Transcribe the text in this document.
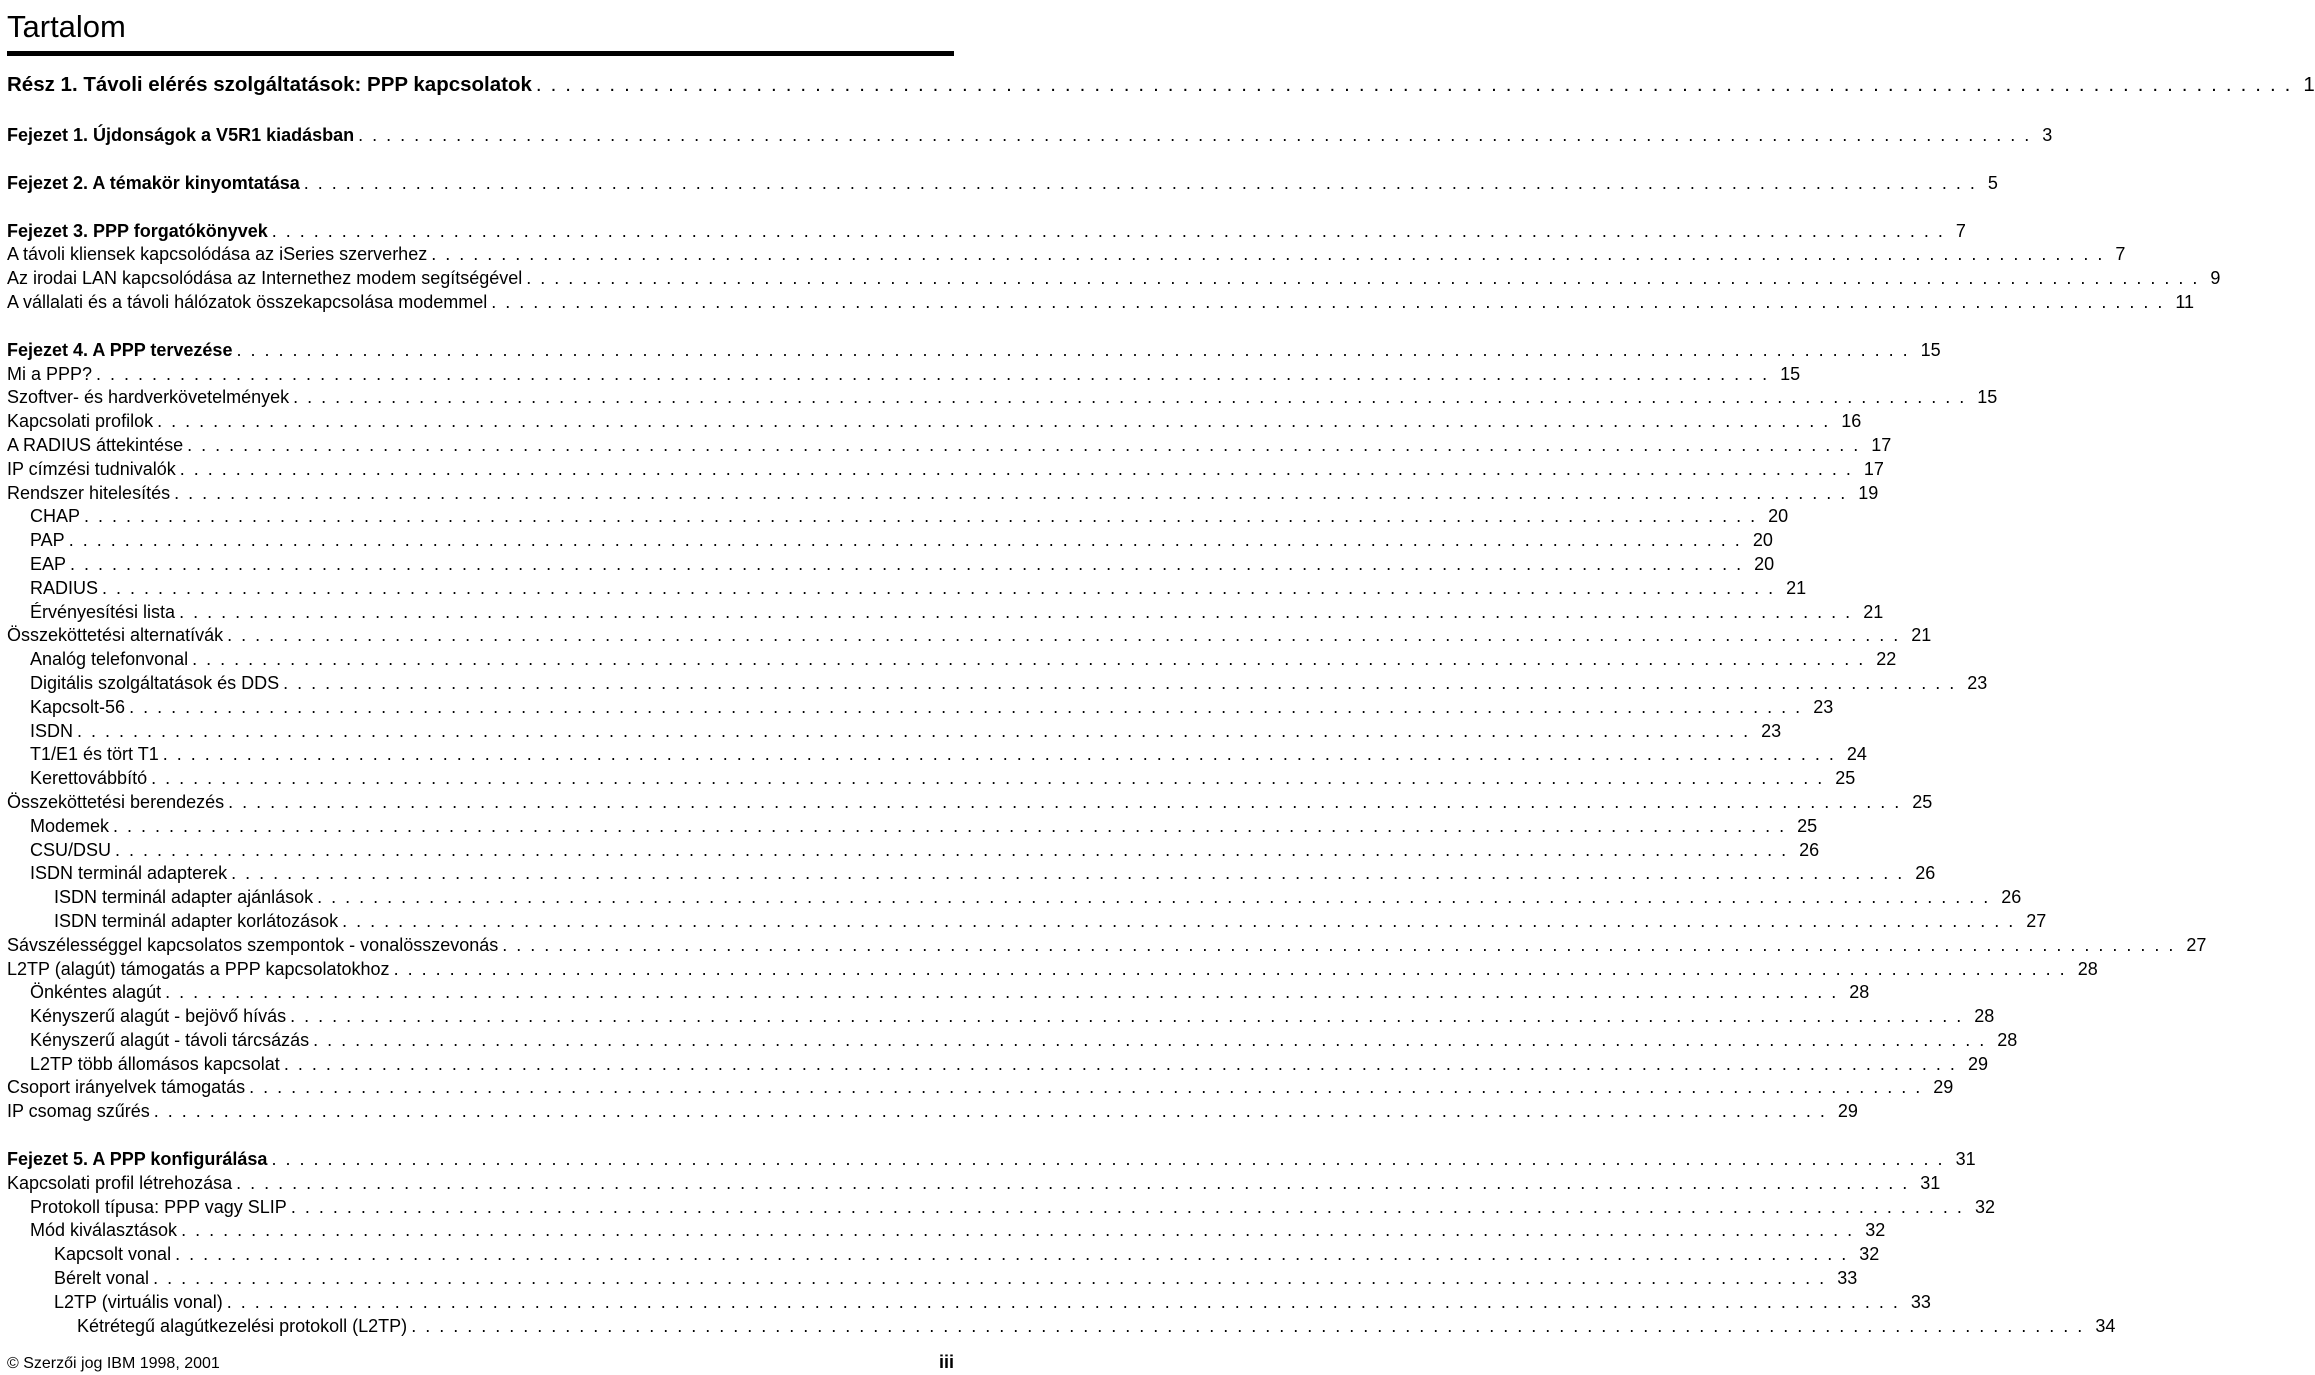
Tartalom
Rész 1. Távoli elérés szolgáltatások: PPP kapcsolatok ........................................................................................................................ 1
Fejezet 1. Újdonságok a V5R1 kiadásban ........................................................................................................................ 3
Fejezet 2. A témakör kinyomtatása ........................................................................................................................ 5
Fejezet 3. PPP forgatókönyvek ........................................................................................................................ 7
A távoli kliensek kapcsolódása az iSeries szerverhez ........................................................................................................................ 7
Az irodai LAN kapcsolódása az Internethez modem segítségével ........................................................................................................................ 9
A vállalati és a távoli hálózatok összekapcsolása modemmel ........................................................................................................................ 11
Fejezet 4. A PPP tervezése ........................................................................................................................ 15
Mi a PPP? ........................................................................................................................ 15
Szoftver- és hardverkövetelmények ........................................................................................................................ 15
Kapcsolati profilok ........................................................................................................................ 16
A RADIUS áttekintése ........................................................................................................................ 17
IP címzési tudnivalók ........................................................................................................................ 17
Rendszer hitelesítés ........................................................................................................................ 19
CHAP ........................................................................................................................ 20
PAP ........................................................................................................................ 20
EAP ........................................................................................................................ 20
RADIUS ........................................................................................................................ 21
Érvényesítési lista ........................................................................................................................ 21
Összeköttetési alternatívák ........................................................................................................................ 21
Analóg telefonvonal ........................................................................................................................ 22
Digitális szolgáltatások és DDS ........................................................................................................................ 23
Kapcsolt-56 ........................................................................................................................ 23
ISDN ........................................................................................................................ 23
T1/E1 és tört T1 ........................................................................................................................ 24
Kerettovábbító ........................................................................................................................ 25
Összeköttetési berendezés ........................................................................................................................ 25
Modemek ........................................................................................................................ 25
CSU/DSU ........................................................................................................................ 26
ISDN terminál adapterek ........................................................................................................................ 26
ISDN terminál adapter ajánlások ........................................................................................................................ 26
ISDN terminál adapter korlátozások ........................................................................................................................ 27
Sávszélességgel kapcsolatos szempontok - vonalösszevonás ........................................................................................................................ 27
L2TP (alagút) támogatás a PPP kapcsolatokhoz ........................................................................................................................ 28
Önkéntes alagút ........................................................................................................................ 28
Kényszerű alagút - bejövő hívás ........................................................................................................................ 28
Kényszerű alagút - távoli tárcsázás ........................................................................................................................ 28
L2TP több állomásos kapcsolat ........................................................................................................................ 29
Csoport irányelvek támogatás ........................................................................................................................ 29
IP csomag szűrés ........................................................................................................................ 29
Fejezet 5. A PPP konfigurálása ........................................................................................................................ 31
Kapcsolati profil létrehozása ........................................................................................................................ 31
Protokoll típusa: PPP vagy SLIP ........................................................................................................................ 32
Mód kiválasztások ........................................................................................................................ 32
Kapcsolt vonal ........................................................................................................................ 32
Bérelt vonal ........................................................................................................................ 33
L2TP (virtuális vonal) ........................................................................................................................ 33
Kétrétegű alagútkezelési protokoll (L2TP) ........................................................................................................................ 34
© Szerzői jog IBM 1998, 2001	iii
